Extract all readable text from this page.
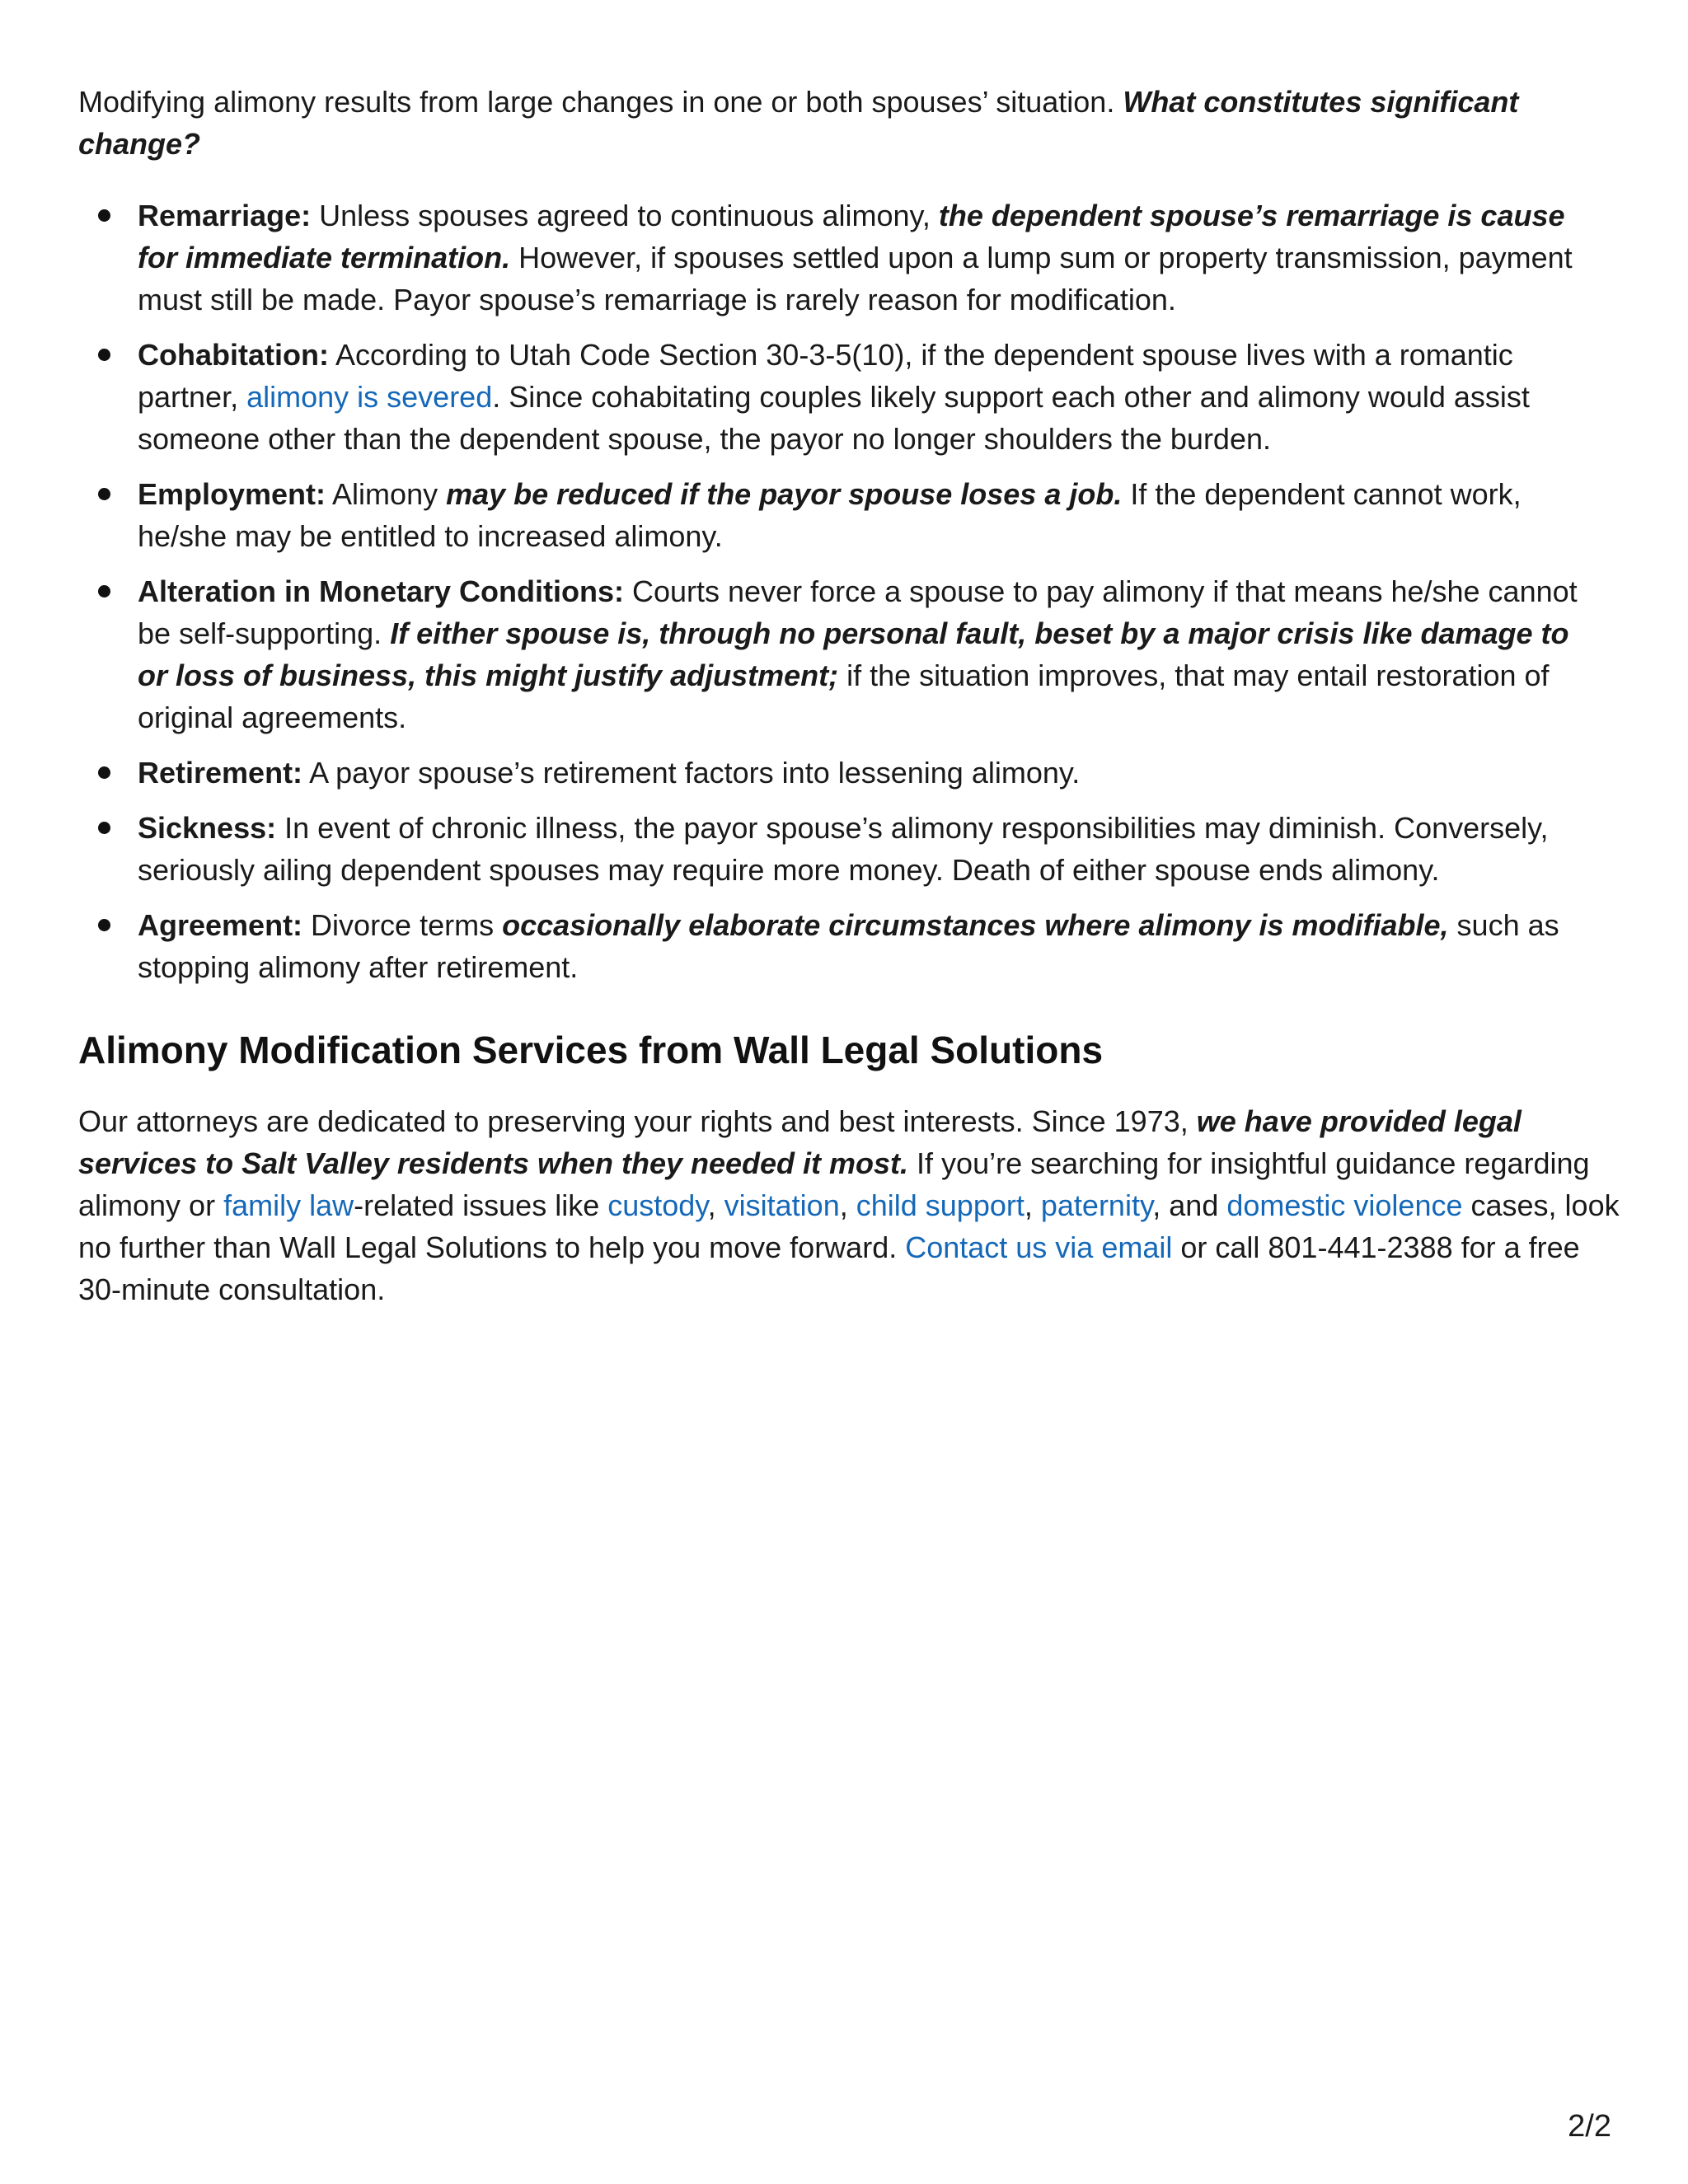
Modifying alimony results from large changes in one or both spouses’ situation. What constitutes significant change?

Remarriage: Unless spouses agreed to continuous alimony, the dependent spouse’s remarriage is cause for immediate termination. However, if spouses settled upon a lump sum or property transmission, payment must still be made. Payor spouse’s remarriage is rarely reason for modification.
Cohabitation: According to Utah Code Section 30-3-5(10), if the dependent spouse lives with a romantic partner, alimony is severed. Since cohabitating couples likely support each other and alimony would assist someone other than the dependent spouse, the payor no longer shoulders the burden.
Employment: Alimony may be reduced if the payor spouse loses a job. If the dependent cannot work, he/she may be entitled to increased alimony.
Alteration in Monetary Conditions: Courts never force a spouse to pay alimony if that means he/she cannot be self-supporting. If either spouse is, through no personal fault, beset by a major crisis like damage to or loss of business, this might justify adjustment; if the situation improves, that may entail restoration of original agreements.
Retirement: A payor spouse’s retirement factors into lessening alimony.
Sickness: In event of chronic illness, the payor spouse’s alimony responsibilities may diminish. Conversely, seriously ailing dependent spouses may require more money. Death of either spouse ends alimony.
Agreement: Divorce terms occasionally elaborate circumstances where alimony is modifiable, such as stopping alimony after retirement.
Alimony Modification Services from Wall Legal Solutions

Our attorneys are dedicated to preserving your rights and best interests. Since 1973, we have provided legal services to Salt Valley residents when they needed it most. If you’re searching for insightful guidance regarding alimony or family law-related issues like custody, visitation, child support, paternity, and domestic violence cases, look no further than Wall Legal Solutions to help you move forward. Contact us via email or call 801-441-2388 for a free 30-minute consultation.

2/2
